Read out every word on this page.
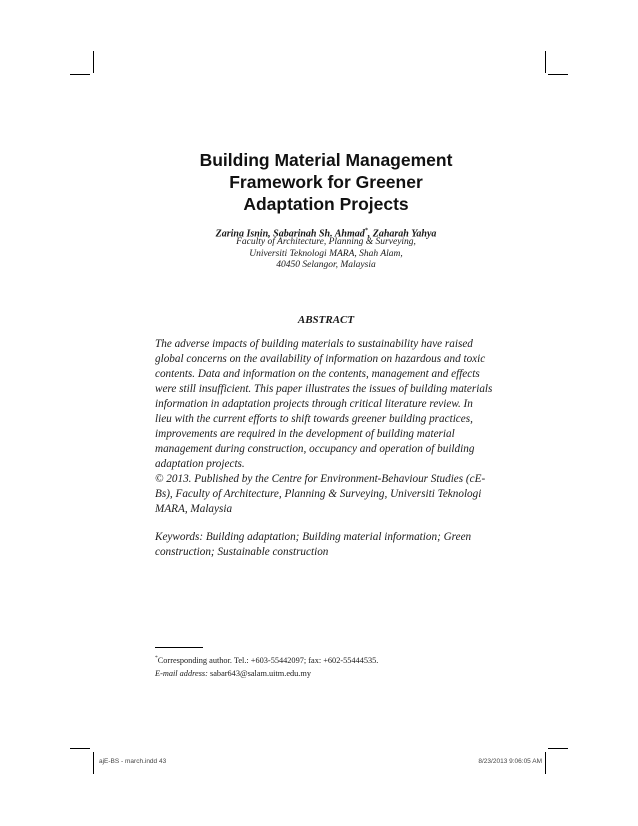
Building Material Management
Framework for Greener
Adaptation Projects
Zarina Isnin, Sabarinah Sh. Ahmad*, Zaharah Yahya
Faculty of Architecture, Planning & Surveying,
Universiti Teknologi MARA, Shah Alam,
40450 Selangor, Malaysia
ABSTRACT
The adverse impacts of building materials to sustainability have raised
global concerns on the availability of information on hazardous and toxic
contents. Data and information on the contents, management and effects
were still insufficient. This paper illustrates the issues of building materials
information in adaptation projects through critical literature review. In
lieu with the current efforts to shift towards greener building practices,
improvements are required in the development of building material
management during construction, occupancy and operation of building
adaptation projects.
© 2013. Published by the Centre for Environment-Behaviour Studies (cE-
Bs), Faculty of Architecture, Planning & Surveying, Universiti Teknologi
MARA, Malaysia
Keywords: Building adaptation; Building material information; Green
construction; Sustainable construction
*Corresponding author. Tel.: +603-55442097; fax: +602-55444535.
E-mail address: sabar643@salam.uitm.edu.my
ajE-BS - march.indd 43	8/23/2013 9:06:05 AM
